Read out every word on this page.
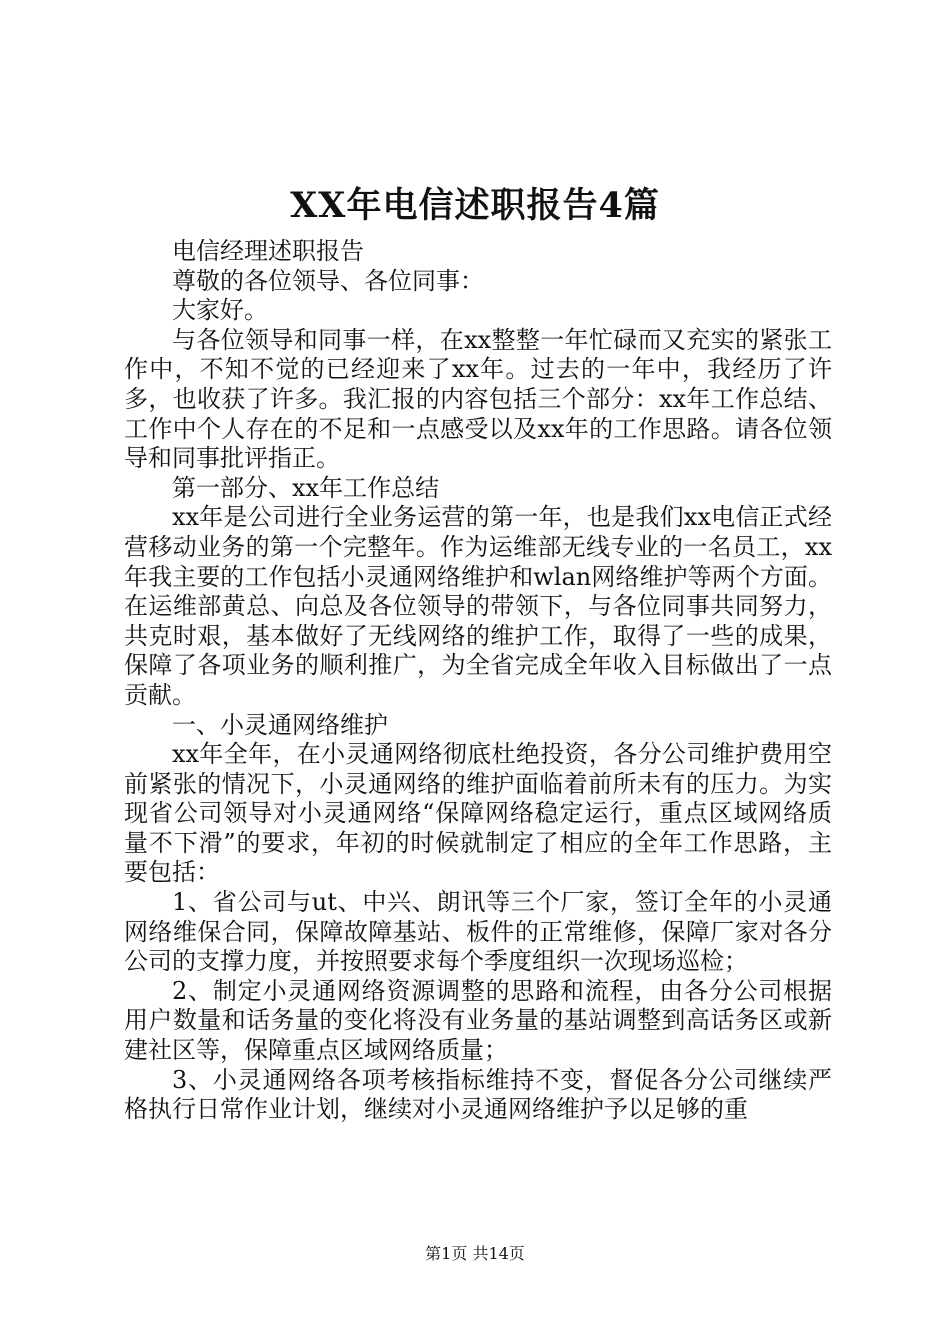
XX年电信述职报告4篇

电信经理述职报告

尊敬的各位领导、各位同事：

大家好。

与各位领导和同事一样，在xx整整一年忙碌而又充实的紧张工作中，不知不觉的已经迎来了xx年。过去的一年中，我经历了许多，也收获了许多。我汇报的内容包括三个部分：xx年工作总结、工作中个人存在的不足和一点感受以及xx年的工作思路。请各位领导和同事批评指正。

第一部分、xx年工作总结

xx年是公司进行全业务运营的第一年，也是我们xx电信正式经营移动业务的第一个完整年。作为运维部无线专业的一名员工，xx年我主要的工作包括小灵通网络维护和wlan网络维护等两个方面。在运维部黄总、向总及各位领导的带领下，与各位同事共同努力，共克时艰，基本做好了无线网络的维护工作，取得了一些的成果，保障了各项业务的顺利推广，为全省完成全年收入目标做出了一点贡献。

一、小灵通网络维护

xx年全年，在小灵通网络彻底杜绝投资，各分公司维护费用空前紧张的情况下，小灵通网络的维护面临着前所未有的压力。为实现省公司领导对小灵通网络“保障网络稳定运行，重点区域网络质量不下滑”的要求，年初的时候就制定了相应的全年工作思路，主要包括：

1、省公司与ut、中兴、朗讯等三个厂家，签订全年的小灵通网络维保合同，保障故障基站、板件的正常维修，保障厂家对各分公司的支撑力度，并按照要求每个季度组织一次现场巡检；

2、制定小灵通网络资源调整的思路和流程，由各分公司根据用户数量和话务量的变化将没有业务量的基站调整到高话务区或新建社区等，保障重点区域网络质量；

3、小灵通网络各项考核指标维持不变，督促各分公司继续严格执行日常作业计划，继续对小灵通网络维护予以足够的重

第1页 共14页
